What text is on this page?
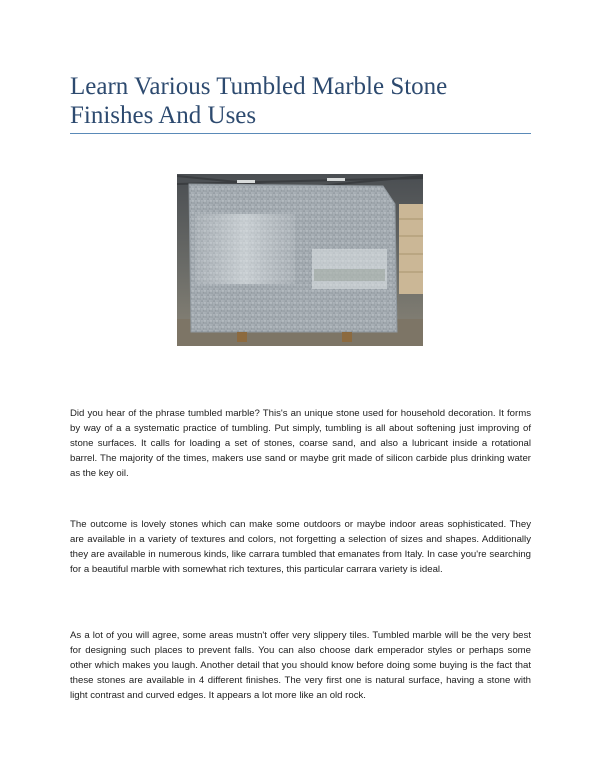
Learn Various Tumbled Marble Stone Finishes And Uses

Did you hear of the phrase tumbled marble? This's an unique stone used for household decoration. It forms by way of a a systematic practice of tumbling. Put simply, tumbling is all about softening just improving of stone surfaces. It calls for loading a set of stones, coarse sand, and also a lubricant inside a rotational barrel. The majority of the times, makers use sand or maybe grit made of silicon carbide plus drinking water as the key oil.

The outcome is lovely stones which can make some outdoors or maybe indoor areas sophisticated. They are available in a variety of textures and colors, not forgetting a selection of sizes and shapes. Additionally they are available in numerous kinds, like carrara tumbled that emanates from Italy. In case you're searching for a beautiful marble with somewhat rich textures, this particular carrara variety is ideal.

As a lot of you will agree, some areas mustn't offer very slippery tiles. Tumbled marble will be the very best for designing such places to prevent falls. You can also choose dark emperador styles or perhaps some other which makes you laugh. Another detail that you should know before doing some buying is the fact that these stones are available in 4 different finishes. The very first one is natural surface, having a stone with light contrast and curved edges. It appears a lot more like an old rock.
